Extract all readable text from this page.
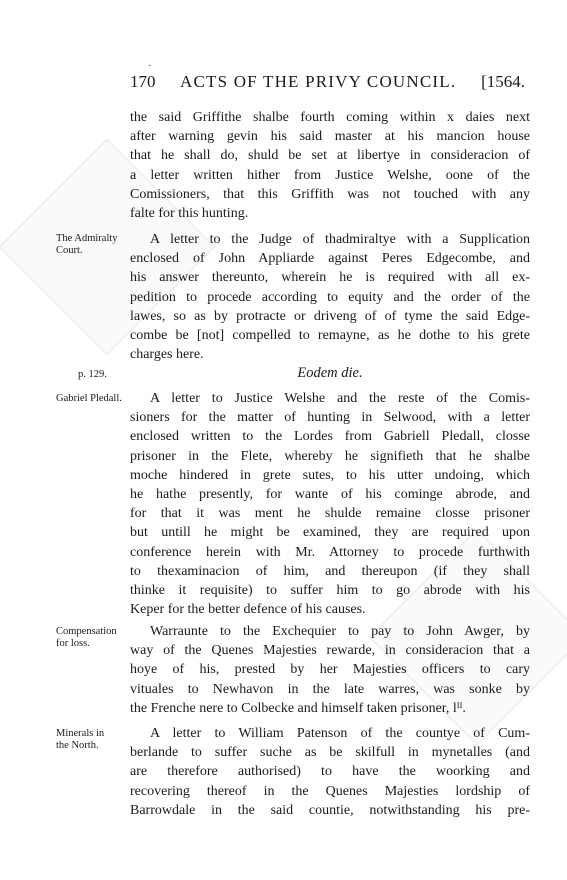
·
170 ACTS OF THE PRIVY COUNCIL. [1564.
the said Griffithe shalbe fourth coming within x daies next
after warning gevin his said master at his mancion house
that he shall do, shuld be set at libertye in consideracion of
a letter written hither from Justice Welshe, oone of the
Comissioners, that this Griffith was not touched with any
falte for this hunting.
The Admiralty
Court.
A letter to the Judge of thadmiraltye with a Supplication
enclosed of John Appliarde against Peres Edgecombe, and
his answer thereunto, wherein he is required with all ex-
pedition to procede according to equity and the order of the
lawes, so as by protracte or driveng of of tyme the said Edge-
combe be [not] compelled to remayne, as he dothe to his grete
charges here.
p. 129.	Eodem die.
Gabriel Pledall.	A letter to Justice Welshe and the reste of the Comis-
sioners for the matter of hunting in Selwood, with a letter
enclosed written to the Lordes from Gabriell Pledall, closse
prisoner in the Flete, whereby he signifieth that he shalbe
moche hindered in grete sutes, to his utter undoing, which
he hathe presently, for wante of his cominge abrode, and
for that it was ment he shulde remaine closse prisoner
but untill he might be examined, they are required upon
conference herein with Mr. Attorney to procede furthwith
to thexaminacion of him, and thereupon (if they shall
thinke it requisite) to suffer him to go abrode with his
Keper for the better defence of his causes.
Compensation
for loss.
Warraunte to the Exchequier to pay to John Awger, by
way of the Quenes Majesties rewarde, in consideracion that a
hoye of his, prested by her Majesties officers to cary
vituales to Newhavon in the late warres, was sonke by
the Frenche nere to Colbecke and himself taken prisoner, lᴵᴵ.
Minerals in
the North.
A letter to William Patenson of the countye of Cum-
berlande to suffer suche as be skilfull in mynetalles (and
are therefore authorised) to have the woorking and
recovering thereof in the Quenes Majesties lordship of
Barrowdale in the said countie, notwithstanding his pre-
